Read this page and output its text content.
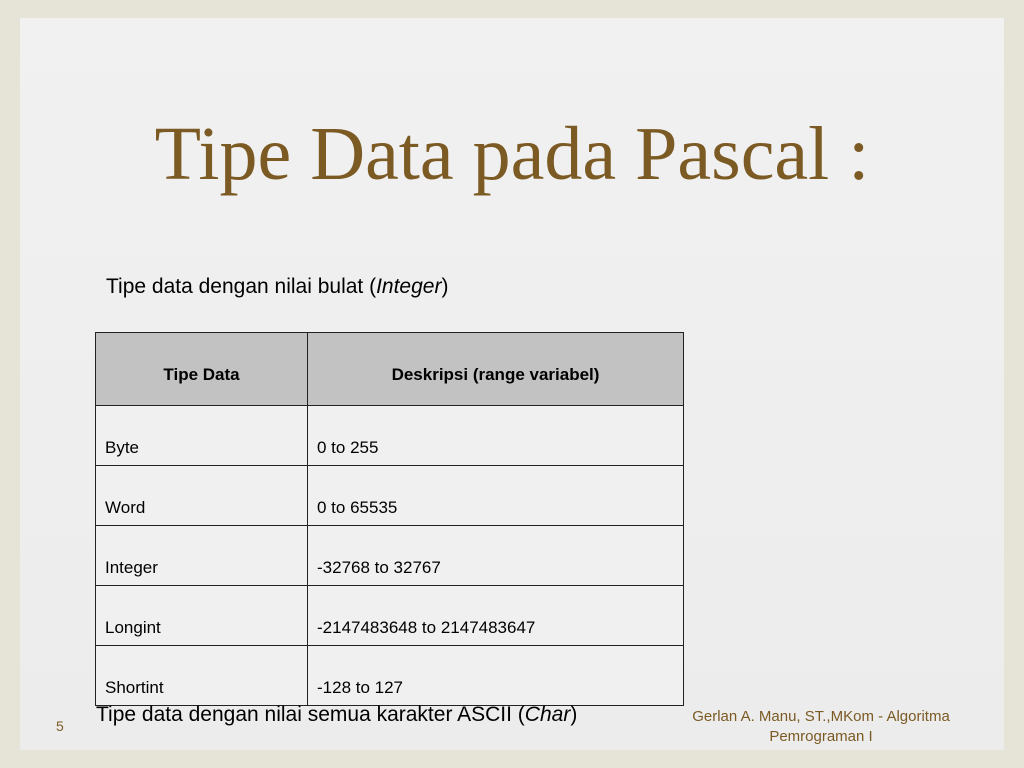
Tipe Data pada Pascal :
Tipe data dengan nilai bulat (Integer)
Tipe Data	Deskripsi (range variabel)
Byte	0 to 255
Word	0 to 65535
Integer	-32768 to 32767
Longint	-2147483648 to 2147483647
Shortint	-128 to 127
Tipe data dengan nilai semua karakter ASCII (Char)
5
Gerlan A. Manu, ST.,MKom - Algoritma
Pemrograman I
